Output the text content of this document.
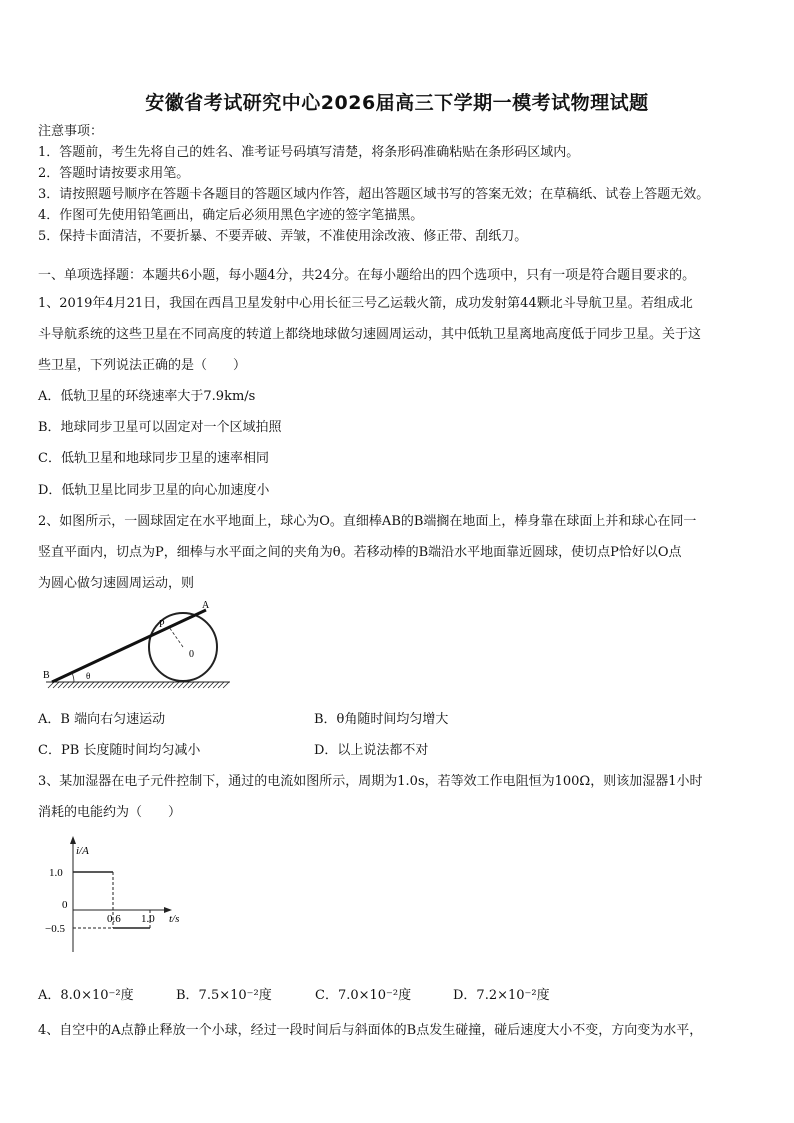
安徽省考试研究中心2026届高三下学期一模考试物理试题
注意事项：
1．答题前，考生先将自己的姓名、准考证号码填写清楚，将条形码准确粘贴在条形码区域内。
2．答题时请按要求用笔。
3．请按照题号顺序在答题卡各题目的答题区域内作答，超出答题区域书写的答案无效；在草稿纸、试卷上答题无效。
4．作图可先使用铅笔画出，确定后必须用黑色字迹的签字笔描黑。
5．保持卡面清洁，不要折暴、不要弄破、弄皱，不准使用涂改液、修正带、刮纸刀。
一、单项选择题：本题共6小题，每小题4分，共24分。在每小题给出的四个选项中，只有一项是符合题目要求的。
1、2019年4月21日，我国在西昌卫星发射中心用长征三号乙运载火箭，成功发射第44颗北斗导航卫星。若组成北
斗导航系统的这些卫星在不同高度的转道上都绕地球做匀速圆周运动，其中低轨卫星离地高度低于同步卫星。关于这
些卫星，下列说法正确的是（　　）
A．低轨卫星的环绕速率大于7.9km/s
B．地球同步卫星可以固定对一个区域拍照
C．低轨卫星和地球同步卫星的速率相同
D．低轨卫星比同步卫星的向心加速度小
2、如图所示，一圆球固定在水平地面上，球心为O。直细棒AB的B端搁在地面上，棒身靠在球面上并和球心在同一
竖直平面内，切点为P，细棒与水平面之间的夹角为θ。若移动棒的B端沿水平地面靠近圆球，使切点P恰好以O点
为圆心做匀速圆周运动，则
A
P
0
B	θ
A．B 端向右匀速运动	B．θ角随时间均匀增大
C．PB 长度随时间均匀减小	D．以上说法都不对
3、某加湿器在电子元件控制下，通过的电流如图所示，周期为1.0s，若等效工作电阻恒为100Ω，则该加湿器1小时
消耗的电能约为（　　）
i/A
1.0
0
−0.5
0.6 1.0 t/s
A．8.0×10⁻²度	B．7.5×10⁻²度	C．7.0×10⁻²度	D．7.2×10⁻²度
4、自空中的A点静止释放一个小球，经过一段时间后与斜面体的B点发生碰撞，碰后速度大小不变，方向变为水平，
